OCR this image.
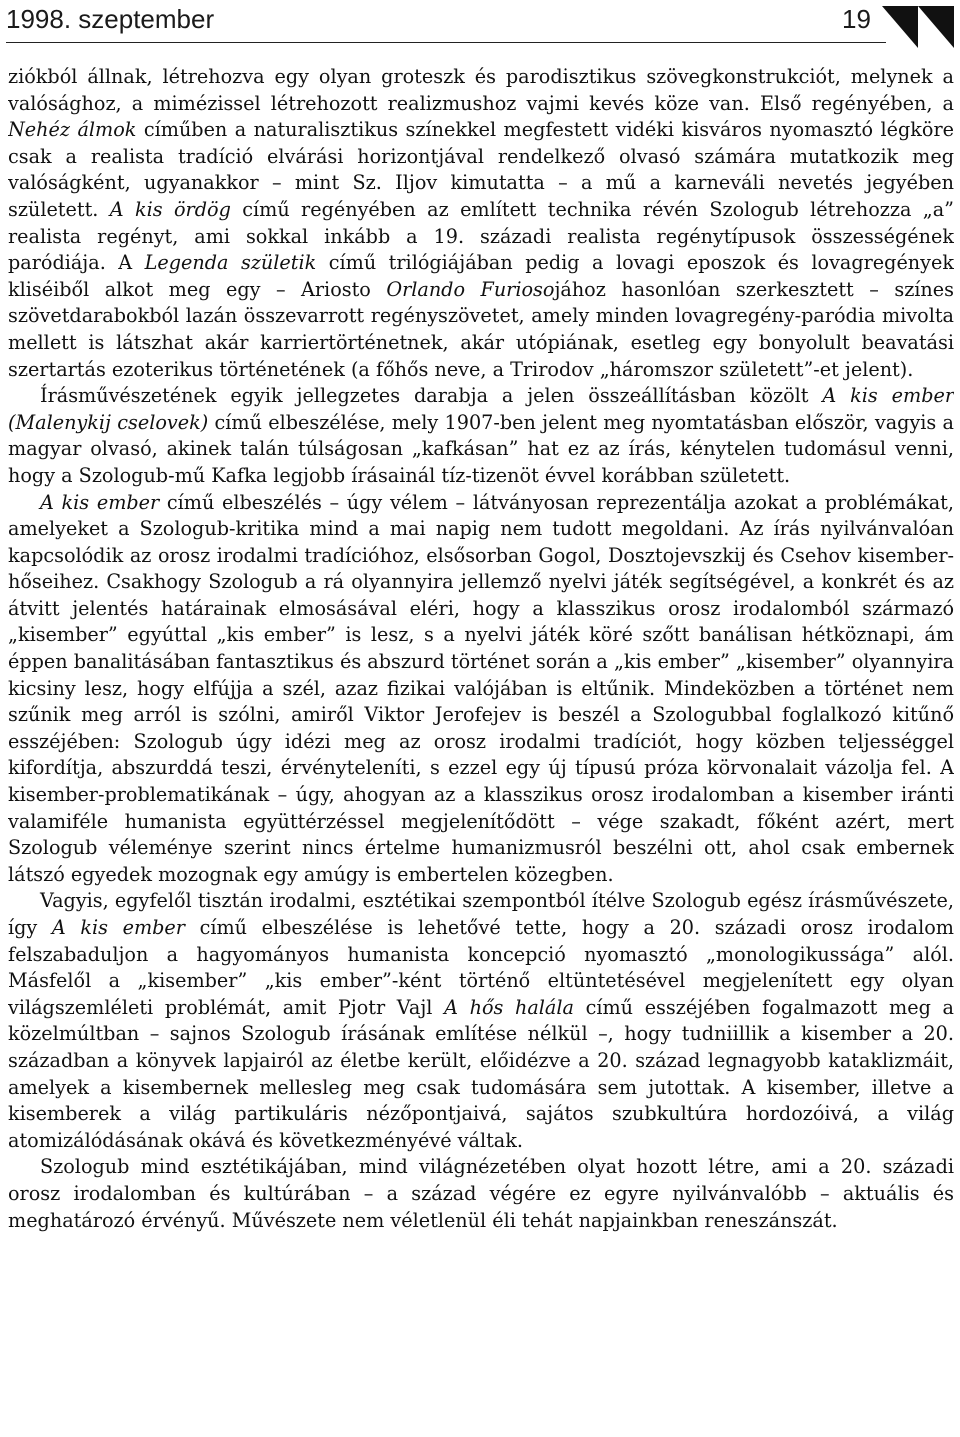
1998. szeptember	19

ziókból állnak, létrehozva egy olyan groteszk és parodisztikus szövegkonstrukciót, melynek a valósághoz, a mimézissel létrehozott realizmushoz vajmi kevés köze van. Első regényében, a Nehéz álmok címűben a naturalisztikus színekkel megfestett vidéki kisváros nyomasztó légköre csak a realista tradíció elvárási horizontjával rendelkező olvasó számára mutatkozik meg valóságként, ugyanakkor – mint Sz. Iljov kimutatta – a mű a karneváli nevetés jegyében született. A kis ördög című regényében az említett technika révén Szologub létrehozza „a” realista regényt, ami sokkal inkább a 19. századi realista regénytípusok összességének paródiája. A Legenda születik című trilógiájában pedig a lovagi eposzok és lovagregények kliséiből alkot meg egy – Ariosto Orlando Furiosojához hasonlóan szerkesztett – színes szövetdarabokból lazán összevarrott regényszövetet, amely minden lovagregény-paródia mivolta mellett is látszhat akár karriertörténetnek, akár utópiának, esetleg egy bonyolult beavatási szertartás ezoterikus történetének (a főhős neve, a Trirodov „háromszor született”-et jelent).

Írásművészetének egyik jellegzetes darabja a jelen összeállításban közölt A kis ember (Malenykij cselovek) című elbeszélése, mely 1907-ben jelent meg nyomtatásban először, vagyis a magyar olvasó, akinek talán túlságosan „kafkásan” hat ez az írás, kénytelen tudomásul venni, hogy a Szologub-mű Kafka legjobb írásainál tíz-tizenöt évvel korábban született.

A kis ember című elbeszélés – úgy vélem – látványosan reprezentálja azokat a problémákat, amelyeket a Szologub-kritika mind a mai napig nem tudott megoldani. Az írás nyilvánvalóan kapcsolódik az orosz irodalmi tradícióhoz, elsősorban Gogol, Dosztojevszkij és Csehov kisember-hőseihez. Csakhogy Szologub a rá olyannyira jellemző nyelvi játék segítségével, a konkrét és az átvitt jelentés határainak elmosásával eléri, hogy a klasszikus orosz irodalomból származó „kisember” egyúttal „kis ember” is lesz, s a nyelvi játék köré szőtt banálisan hétköznapi, ám éppen banalitásában fantasztikus és abszurd történet során a „kis ember” „kisember” olyannyira kicsiny lesz, hogy elfújja a szél, azaz fizikai valójában is eltűnik. Mindeközben a történet nem szűnik meg arról is szólni, amiről Viktor Jerofejev is beszél a Szologubbal foglalkozó kitűnő esszéjében: Szologub úgy idézi meg az orosz irodalmi tradíciót, hogy közben teljességgel kifordítja, abszurddá teszi, érvényteleníti, s ezzel egy új típusú próza körvonalait vázolja fel. A kisember-problematikának – úgy, ahogyan az a klasszikus orosz irodalomban a kisember iránti valamiféle humanista együttérzéssel megjelenítődött – vége szakadt, főként azért, mert Szologub véleménye szerint nincs értelme humanizmusról beszélni ott, ahol csak embernek látszó egyedek mozognak egy amúgy is embertelen közegben.

Vagyis, egyfelől tisztán irodalmi, esztétikai szempontból ítélve Szologub egész írásművészete, így A kis ember című elbeszélése is lehetővé tette, hogy a 20. századi orosz irodalom felszabaduljon a hagyományos humanista koncepció nyomasztó „monologikussága” alól. Másfelől a „kisember” „kis ember”-ként történő eltüntetésével megjelenített egy olyan világszemléleti problémát, amit Pjotr Vajl A hős halála című esszéjében fogalmazott meg a közelmúltban – sajnos Szologub írásának említése nélkül –, hogy tudniillik a kisember a 20. században a könyvek lapjairól az életbe került, előidézve a 20. század legnagyobb kataklizmáit, amelyek a kisembernek mellesleg meg csak tudomására sem jutottak. A kisember, illetve a kisemberek a világ partikuláris nézőpontjaivá, sajátos szubkultúra hordozóivá, a világ atomizálódásának okává és következményévé váltak.

Szologub mind esztétikájában, mind világnézetében olyat hozott létre, ami a 20. századi orosz irodalomban és kultúrában – a század végére ez egyre nyilvánvalóbb – aktuális és meghatározó érvényű. Művészete nem véletlenül éli tehát napjainkban reneszánszát.
